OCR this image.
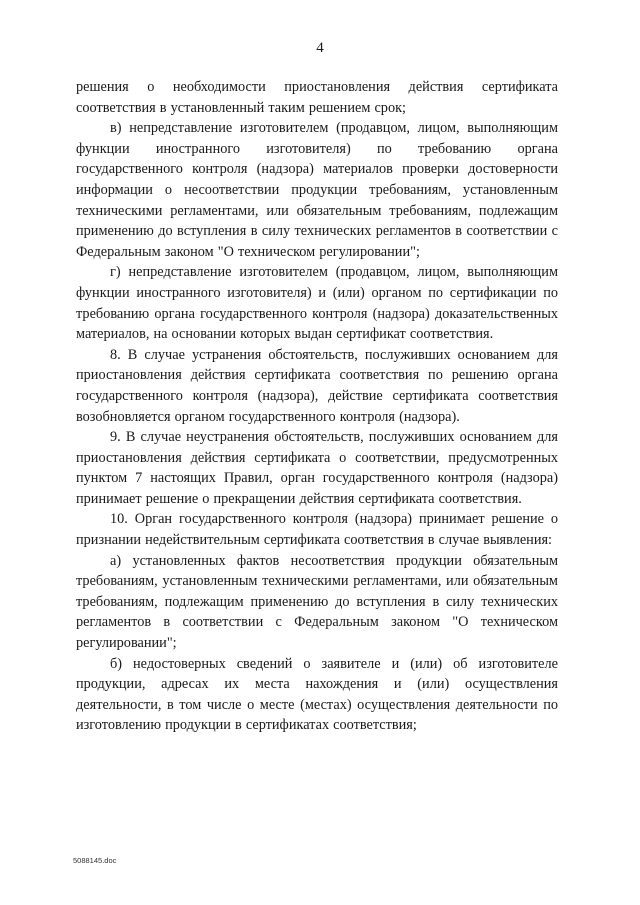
4

решения о необходимости приостановления действия сертификата соответствия в установленный таким решением срок;

в) непредставление изготовителем (продавцом, лицом, выполняющим функции иностранного изготовителя) по требованию органа государственного контроля (надзора) материалов проверки достоверности информации о несоответствии продукции требованиям, установленным техническими регламентами, или обязательным требованиям, подлежащим применению до вступления в силу технических регламентов в соответствии с Федеральным законом "О техническом регулировании";

г) непредставление изготовителем (продавцом, лицом, выполняющим функции иностранного изготовителя) и (или) органом по сертификации по требованию органа государственного контроля (надзора) доказательственных материалов, на основании которых выдан сертификат соответствия.

8. В случае устранения обстоятельств, послуживших основанием для приостановления действия сертификата соответствия по решению органа государственного контроля (надзора), действие сертификата соответствия возобновляется органом государственного контроля (надзора).

9. В случае неустранения обстоятельств, послуживших основанием для приостановления действия сертификата о соответствии, предусмотренных пунктом 7 настоящих Правил, орган государственного контроля (надзора) принимает решение о прекращении действия сертификата соответствия.

10. Орган государственного контроля (надзора) принимает решение о признании недействительным сертификата соответствия в случае выявления:

а) установленных фактов несоответствия продукции обязательным требованиям, установленным техническими регламентами, или обязательным требованиям, подлежащим применению до вступления в силу технических регламентов в соответствии с Федеральным законом "О техническом регулировании";

б) недостоверных сведений о заявителе и (или) об изготовителе продукции, адресах их места нахождения и (или) осуществления деятельности, в том числе о месте (местах) осуществления деятельности по изготовлению продукции в сертификатах соответствия;

5088145.doc
